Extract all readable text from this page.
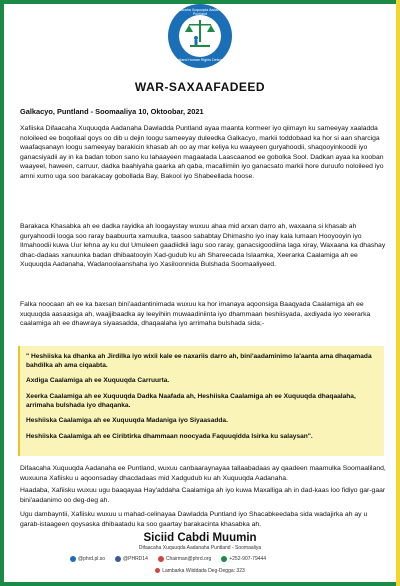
Difaacaha Xuquuqda Aadanaha Puntland
Puntland Human Rights Defender
WAR-SAXAAFADEED
Galkacyo, Puntland - Soomaaliya 10, Oktoobar, 2021
Xafiiska Difaacaha Xuquuqda Aadanaha Dawladda Puntland ayaa maanta kormeer iyo qiimayn ku sameeyay xaaladda noloileed ee boqollaal qoys oo dib u dejin loogu sameeyay duleedka Galkacyo, markii toddobaad ka hor si aan sharciga waafaqsanayn loogu sameeyay barakicin khasab ah oo ay mar keliya ku waayeen guryahoodii, shaqooyinkoodii iyo ganacsiyadii ay in ka badan tobon sano ku lahaayeen magaalada Laascaanod ee gobolka Sool. Dadkan ayaa ka kooban waayeel, haween, carruur, dadka baahiyaha gaarka ah qaba, macallimiin iyo ganacsato markii hore duruufo noloileed iyo amni xumo uga soo barakacay gobollada Bay, Bakool iyo Shabeellada hoose.
Barakaca Khasabka ah ee dadka rayidka ah loogaystay wuxuu ahaa mid arxan darro ah, waxaana si khasab ah guryahoodii looga soo raray baabuurta xamuulka, taasoo sababtay Dhimasho iyo inay kala lumaan Hooyooyin iyo Ilmahoodii kuwa Uur lehna ay ku dul Umuleen gaadiidkii lagu soo raray, ganacsigoodiina laga xiray, Waxaana ka dhashay dhac-dadaas xanuunka badan dhibaatooyin Xad-gudub ku ah Shareecada Islaamka, Xeerarka Caalamiga ah ee Xuquuqda Aadanaha, Wadanoolaanshaha iyo Xasiloonnida Bulshada Soomaaliyeed.
Falka noocaan ah ee ka baxsan bini'aadantinimada wuxuu ka hor imanaya aqoonsiga Baaqyada Caalamiga ah ee xuquuqda aasaasiga ah, waajjibaadka ay leeyihiin muwaadiniinta iyo dhammaan heshiisyada, axdiyada iyo xeerarka caalamiga ah ee dhawraya siyaasadda, dhaqaalaha iyo arrimaha bulshada sida;-
" Heshiiska ka dhanka ah Jirdilka iyo wixii kale ee naxariis darro ah, bini'aadaminimo la'aanta ama dhaqamada bahdilka ah ama ciqaabta.
Axdiga Caalamiga ah ee Xuquuqda Carruurta.
Xeerka Caalamiga ah ee Xuquuqda Dadka Naafada ah, Heshiiska Caalamiga ah ee Xuquuqda dhaqaalaha, arrimaha bulshada iyo dhaqanka.
Heshiiska Caalamiga ah ee Xuquuqda Madaniga iyo Siyaasadda.
Heshiiska Caalamiga ah ee Ciribtirka dhammaan noocyada Faquuqidda Isirka ku salaysan".
Difaacaha Xuquuqda Aadanaha ee Puntland, wuxuu canbaaraynayaa tallaabadaas ay qaadeen maamulka Soomaaliland, wuxuuna Xafiisku u aqoonsaday dhacdadaas mid Xadgudub ku ah Xuquuqda Aadanaha.
Haadaba, Xafiisku wuxuu ugu baaqayaa Hay'addaha Caalamiga ah iyo kuwa Maxalliga ah in dad-kaas loo fidiyo gar-gaar bini'aadanimo oo deg-deg ah.
Ugu dambayntii, Xafiisku wuxuu u mahad-celinayaa Dawladda Puntland iyo Shacabkeedaba sida wadajirka ah ay u garab-istaageen qoysaska dhibaatadu ka soo gaartay barakacinta khasabka ah.
Siciid Cabdi Muumin
Difaacaha Xuquuqda Aadanaha Puntland - Soomaaliya
@phrd.pl.so	@PHRD14	Chairman@phrd.org	+252-907-79444
Lambarka Wiiddada Deg-Degga: 323
